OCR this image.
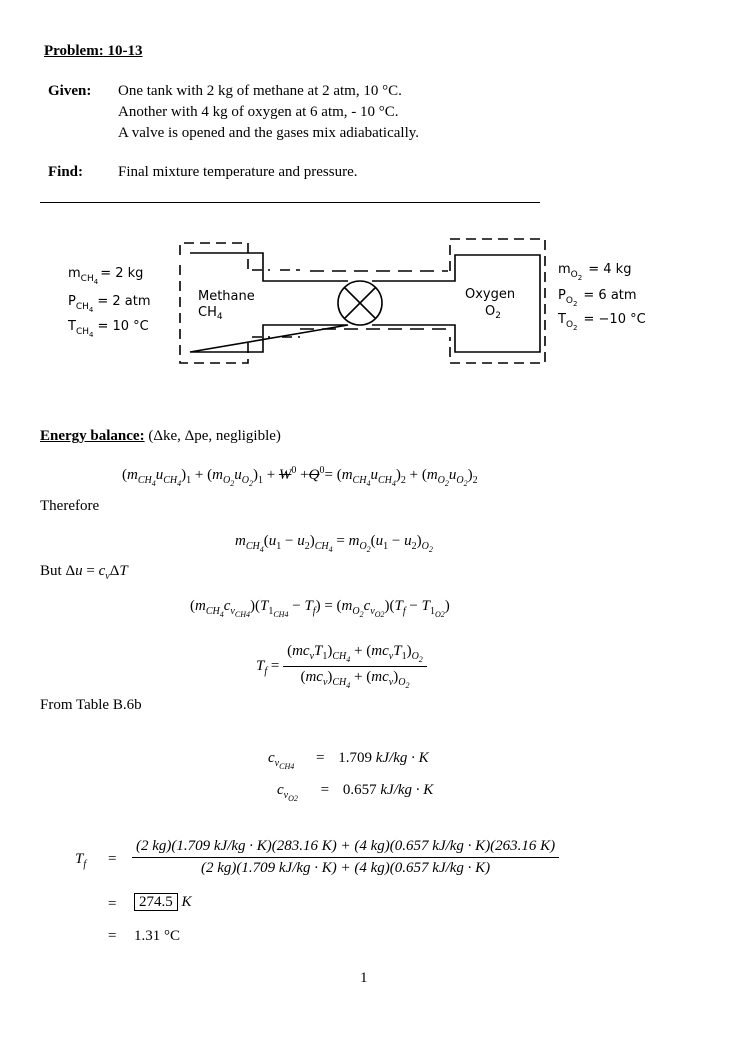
Problem: 10-13
Given: One tank with 2 kg of methane at 2 atm, 10 °C.
Another with 4 kg of oxygen at 6 atm, - 10 °C.
A valve is opened and the gases mix adiabatically.
Find: Final mixture temperature and pressure.
$m_{CH4}= 2$ kg
$P_{CH4}= 2$ atm
$T_{CH4}= 10$ °C
Methane
$CH_4$
Oxygen
$O_2$
$m_{O2}= 4$ kg
$P_{O2}= 6$ atm
$T_{O2}= -10$ °C
Energy balance: (Δke, Δpe, negligible)
$(m_{CH_4}u_{CH_4})_1 + (m_{O_2}u_{O_2})_1 + W^0 +Q^0= (m_{CH_4}u_{CH_4})_2 + (m_{O_2}u_{O_2})_2$
Therefore
$m_{CH_4}(u_1 - u_2)_{CH_4} = m_{O_2}(u_1 - u_2)_{O_2}$
But $\Delta u = c_v\Delta T$
$(m_{CH_4}c_{v_{CH4}})(T_{1_{CH4}} - T_f) = (m_{O_2}c_{v_{O2}})(T_f - T_{1_{O2}})$
$T_f = \frac{(mc_vT_1)_{CH_4} + (mc_vT_1)_{O_2}}{(mc_v)_{CH_4} + (mc_v)_{O_2}}$
From Table B.6b
$c_{v_{CH4}} = 1.709$ kJ/kg · K
$c_{v_{O2}} = 0.657$ kJ/kg · K
$T_f$ =
(2 kg)(1.709 kJ/kg · K)(283.16 K) + (4 kg)(0.657 kJ/kg · K)(263.16 K)
(2 kg)(1.709 kJ/kg · K) + (4 kg)(0.657 kJ/kg · K)
=	274.5 K
= 1.31 °C
1
